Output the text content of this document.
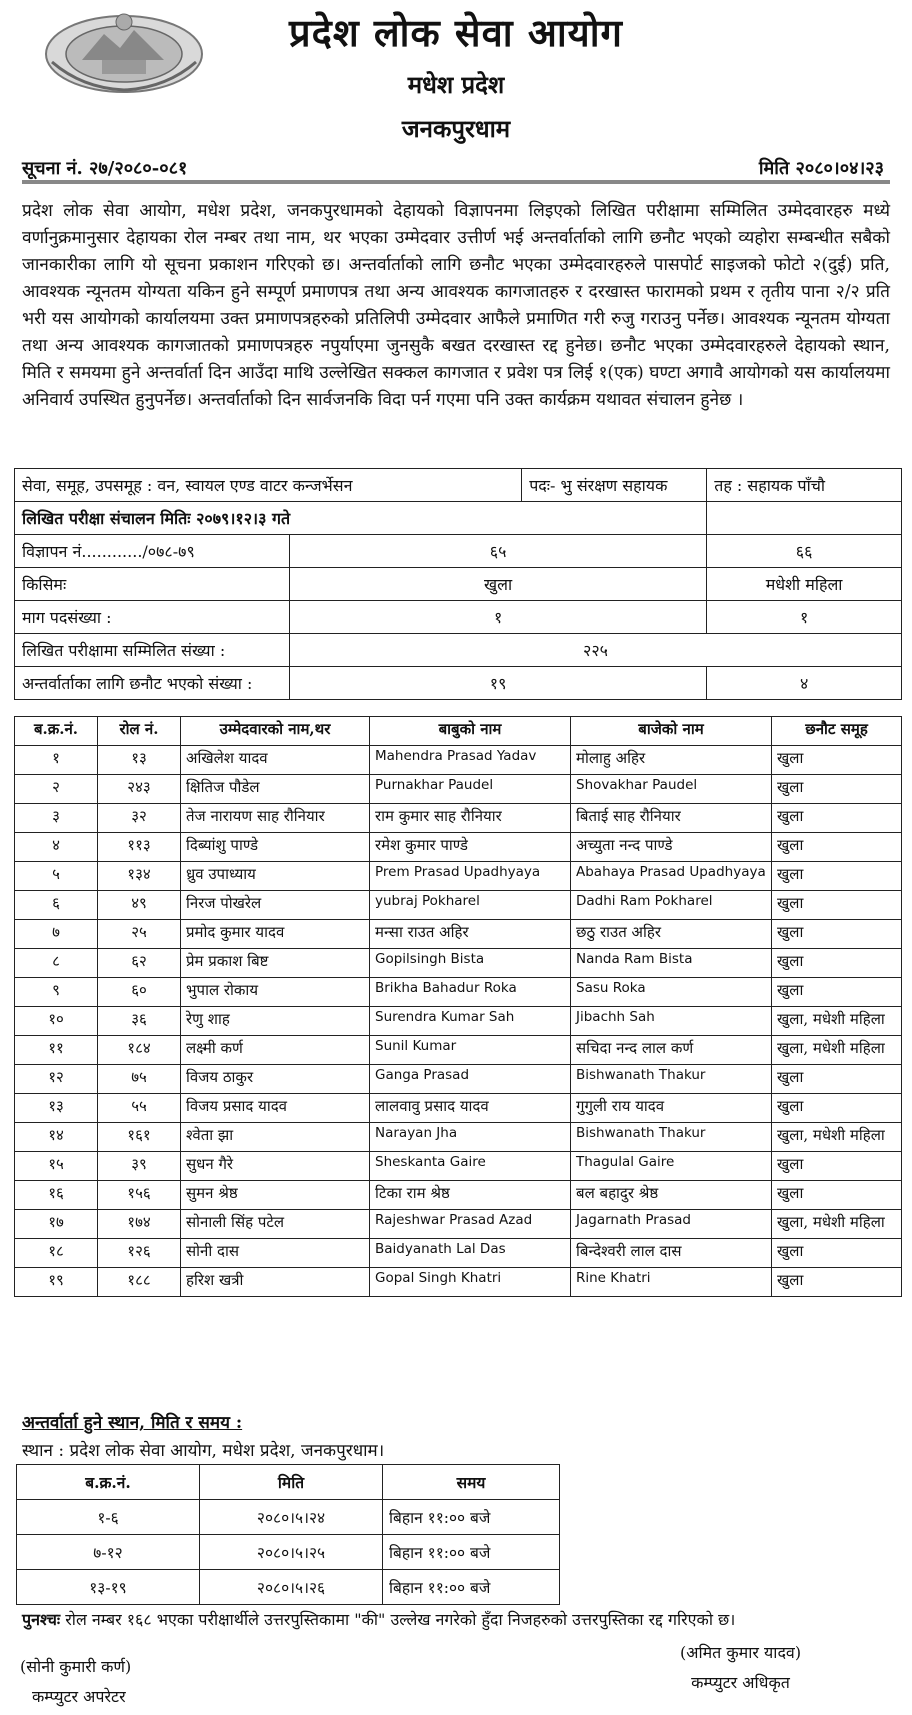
प्रदेश लोक सेवा आयोग
मधेश प्रदेश
जनकपुरधाम
सूचना नं. २७/२०८०-०८१	मिति २०८०।०४।२३
प्रदेश लोक सेवा आयोग, मधेश प्रदेश, जनकपुरधामको देहायको विज्ञापनमा लिइएको लिखित परीक्षामा सम्मिलित उम्मेदवारहरु मध्ये वर्णानुक्रमानुसार देहायका रोल नम्बर तथा नाम, थर भएका उम्मेदवार उत्तीर्ण भई अन्तर्वार्ताको लागि छनौट भएको व्यहोरा सम्बन्धीत सबैको जानकारीका लागि यो सूचना प्रकाशन गरिएको छ। अन्तर्वार्ताको लागि छनौट भएका उम्मेदवारहरुले पासपोर्ट साइजको फोटो २(दुई) प्रति, आवश्यक न्यूनतम योग्यता यकिन हुने सम्पूर्ण प्रमाणपत्र तथा अन्य आवश्यक कागजातहरु र दरखास्त फारामको प्रथम र तृतीय पाना २/२ प्रति भरी यस आयोगको कार्यालयमा उक्त प्रमाणपत्रहरुको प्रतिलिपी उम्मेदवार आफैले प्रमाणित गरी रुजु गराउनु पर्नेछ। आवश्यक न्यूनतम योग्यता तथा अन्य आवश्यक कागजातको प्रमाणपत्रहरु नपुर्याएमा जुनसुकै बखत दरखास्त रद्द हुनेछ। छनौट भएका उम्मेदवारहरुले देहायको स्थान, मिति र समयमा हुने अन्तर्वार्ता दिन आउँदा माथि उल्लेखित सक्कल कागजात र प्रवेश पत्र लिई १(एक) घण्टा अगावै आयोगको यस कार्यालयमा अनिवार्य उपस्थित हुनुपर्नेछ। अन्तर्वार्ताको दिन सार्वजनकि विदा पर्न गएमा पनि उक्त कार्यक्रम यथावत संचालन हुनेछ ।
सेवा, समूह, उपसमूह : वन, स्वायल एण्ड वाटर कन्जर्भेसन		पदः- भु संरक्षण सहायक	तह : सहायक पाँचौ
लिखित परीक्षा संचालन मितिः २०७९।१२।३ गते			
विज्ञापन नं............/०७८-७९	६५		६६
किसिमः	खुला		मधेशी महिला
माग पदसंख्या :	१		१
लिखित परीक्षामा सम्मिलित संख्या :	२२५		
अन्तर्वार्ताका लागि छनौट भएको संख्या :	१९		४
ब.क्र.नं.	रोल नं.	उम्मेदवारको नाम,थर	बाबुको नाम	बाजेको नाम	छनौट समूह
१	१३	अखिलेश यादव	Mahendra Prasad Yadav	मोलाहु अहिर	खुला
२	२४३	क्षितिज पौडेल	Purnakhar Paudel	Shovakhar Paudel	खुला
३	३२	तेज नारायण साह रौनियार	राम कुमार साह रौनियार	बिताई साह रौनियार	खुला
४	११३	दिब्यांशु पाण्डे	रमेश कुमार पाण्डे	अच्युता नन्द पाण्डे	खुला
५	१३४	ध्रुव उपाध्याय	Prem Prasad Upadhyaya	Abahaya Prasad Upadhyaya	खुला
६	४९	निरज पोखरेल	yubraj Pokharel	Dadhi Ram Pokharel	खुला
७	२५	प्रमोद कुमार यादव	मन्सा राउत अहिर	छठु राउत अहिर	खुला
८	६२	प्रेम प्रकाश बिष्ट	Gopilsingh Bista	Nanda Ram Bista	खुला
९	६०	भुपाल रोकाय	Brikha Bahadur Roka	Sasu Roka	खुला
१०	३६	रेणु शाह	Surendra Kumar Sah	Jibachh Sah	खुला, मधेशी महिला
११	१८४	लक्ष्मी कर्ण	Sunil Kumar	सचिदा नन्द लाल कर्ण	खुला, मधेशी महिला
१२	७५	विजय ठाकुर	Ganga Prasad	Bishwanath Thakur	खुला
१३	५५	विजय प्रसाद यादव	लालवावु प्रसाद यादव	गुगुली राय यादव	खुला
१४	१६१	श्वेता झा	Narayan Jha	Bishwanath Thakur	खुला, मधेशी महिला
१५	३९	सुधन गैरे	Sheskanta Gaire	Thagulal Gaire	खुला
१६	१५६	सुमन श्रेष्ठ	टिका राम श्रेष्ठ	बल बहादुर श्रेष्ठ	खुला
१७	१७४	सोनाली सिंह पटेल	Rajeshwar Prasad Azad	Jagarnath Prasad	खुला, मधेशी महिला
१८	१२६	सोनी दास	Baidyanath Lal Das	बिन्देश्वरी लाल दास	खुला
१९	१८८	हरिश खत्री	Gopal Singh Khatri	Rine Khatri	खुला
अन्तर्वार्ता हुने स्थान, मिति र समय :
स्थान : प्रदेश लोक सेवा आयोग, मधेश प्रदेश, जनकपुरधाम।
ब.क्र.नं.	मिति	समय
१-६	२०८०।५।२४	बिहान ११:०० बजे
७-१२	२०८०।५।२५	बिहान ११:०० बजे
१३-१९	२०८०।५।२६	बिहान ११:०० बजे
पुनश्चः रोल नम्बर १६८ भएका परीक्षार्थीले उत्तरपुस्तिकामा "की" उल्लेख नगरेको हुँदा निजहरुको उत्तरपुस्तिका रद्द गरिएको छ।
(सोनी कुमारी कर्ण)
कम्प्युटर अपरेटर
(अमित कुमार यादव)
कम्प्युटर अधिकृत
